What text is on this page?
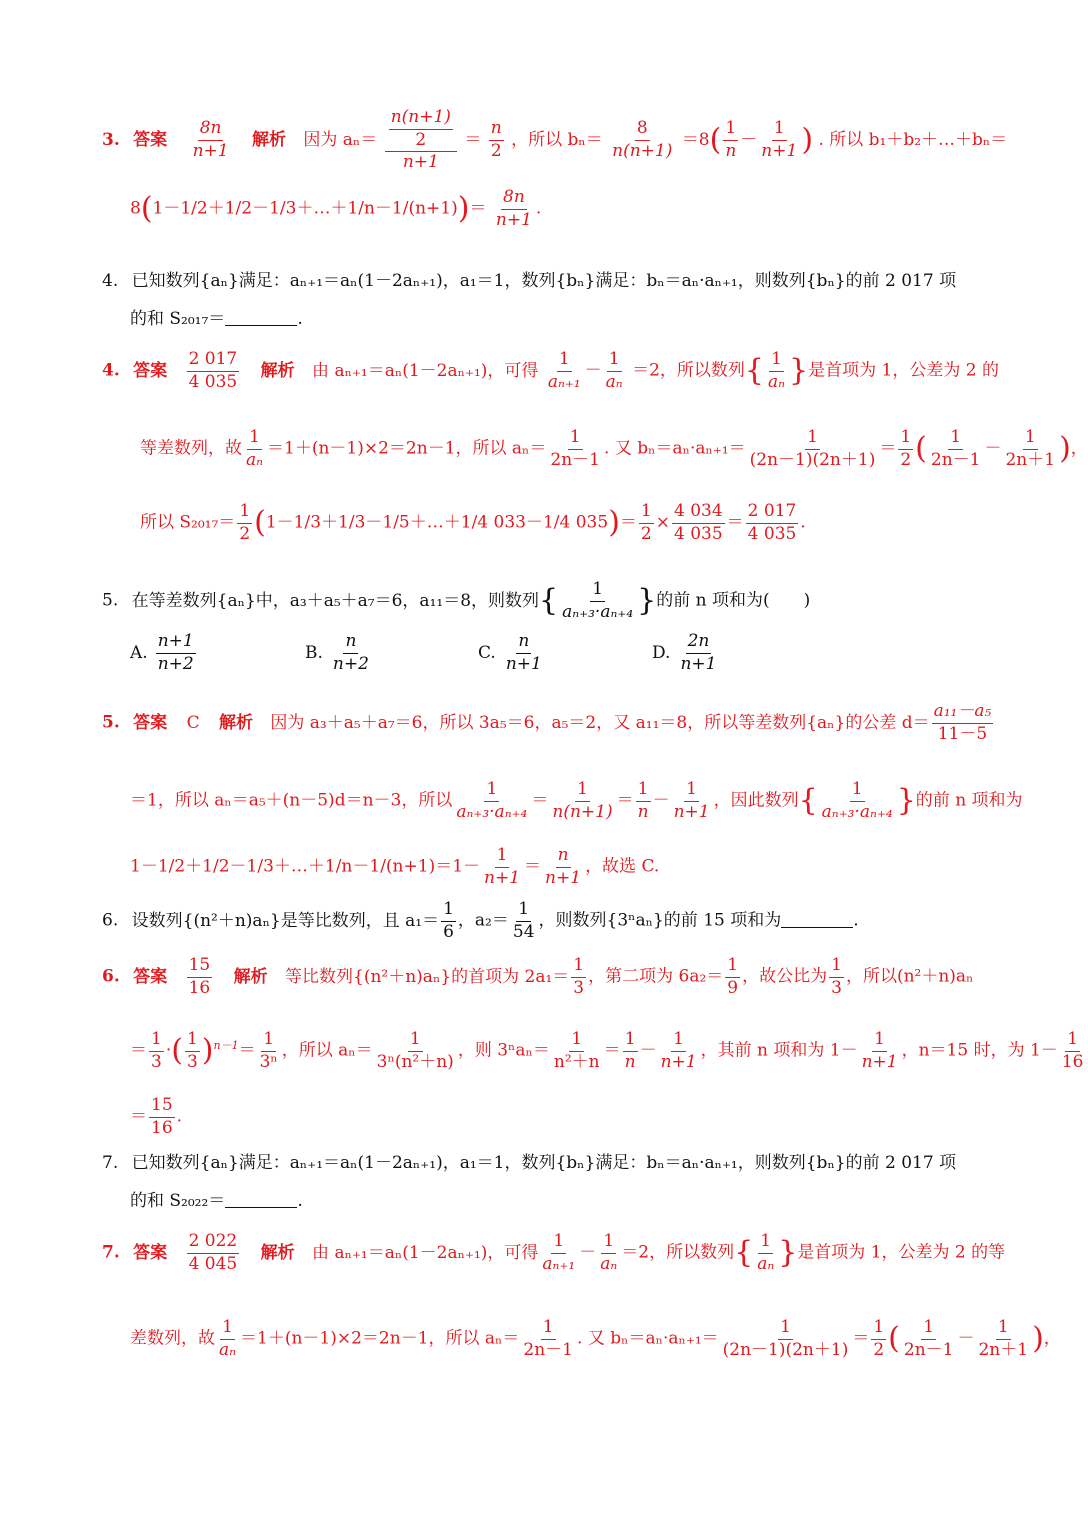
3. 答案 $\frac{8n}{n+1}$ 解析 因为 $a_n= \frac{\frac{n(n+1)}{2}}{n+1} = \frac{n}{2}$ ，所以 $b_n= \frac{8}{n(n+1)} =8( \frac{1}{n} - \frac{1}{n+1}$ ) . 所以 b₁＋b₂＋…＋bₙ＝
8(1－1/2＋1/2－1/3＋…＋1/n－1/(n+1))＝ $\frac{8n}{n+1}$ .
4. 已知数列{aₙ}满足：aₙ₊₁＝aₙ(1－2aₙ₊₁)，a₁＝1，数列{bₙ}满足：bₙ＝aₙ·aₙ₊₁，则数列{bₙ}的前 2 017 项
的和 S₂₀₁₇＝	.
4. 答案 $\frac{2 017}{4 035}$ 解析 由 aₙ₊₁＝aₙ(1－2aₙ₊₁)，可得 $\frac{1}{\text{aₙ₊₁}} - \frac{1}{\text{aₙ}} =2$，所以数列{ $\frac{1}{\text{aₙ}}$ }是首项为 1，公差为 2 的
等差数列，故 $\frac{1}{\text{aₙ}} =1+(n-1)\times 2=2n-1$，所以 $a_n= \frac{1}{2n-1}$ . 又 $b_n=a_n\cdot a_{n+1}= \frac{1}{(2n-1)(2n+1)} = \frac{1}{2}$ ( $\frac{1}{2n-1} - \frac{1}{2n+1}$ )，
所以 $S_{2017}= \frac{1}{2}$ (1－1/3＋1/3－1/5＋…＋1/4 033－1/4 $035)= \frac{1}{2} \times \frac{4 034}{4 035} = \frac{2 017}{4 035}$ .
5. 在等差数列{aₙ}中，a₃＋a₅＋a₇＝6，a₁₁＝8，则数列{ $\frac{1}{\text{aₙ₊₃·aₙ₊₄}}$ }的前 n 项和为(　　)
A. $\frac{n+1}{n+2}$	B. $\frac{n}{n+2}$	C. $\frac{n}{n+1}$	D. $\frac{2n}{n+1}$
5. 答案 C 解析 因为 a₃＋a₅＋a₇＝6，所以 3a₅＝6，a₅＝2，又 a₁₁＝8，所以等差数列{aₙ}的公差 $d= \frac{\text{a₁₁－a₅}}{11-5}$
＝1，所以 aₙ＝a₅＋(n－5)d＝n－3，所以 $\frac{1}{\text{aₙ₊₃·aₙ₊₄}} = \frac{1}{n(n+1)} = \frac{1}{n} - \frac{1}{n+1}$ ，因此数列{ $\frac{1}{\text{aₙ₊₃·aₙ₊₄}}$ }的前 n 项和为
1－1/2＋1/2－1/3＋…＋1/n－1/(n+1)＝1－ $\frac{1}{n+1} = \frac{n}{n+1}$ ，故选 C.
6. 设数列{(n²＋n)aₙ}是等比数列，且 $a_1= \frac{1}{6}$ ，$a_2= \frac{1}{54}$ ，则数列{3ⁿaₙ}的前 15 项和为	.
6. 答案 $\frac{15}{16}$ 解析 等比数列{(n²＋n)aₙ}的首项为 $2a_1= \frac{1}{3}$ ，第二项为 $6a_2= \frac{1}{9}$ ，故公比为 $\frac{1}{3}$ ，所以(n²＋n)aₙ
＝ $\frac{1}{3}$ ·( $\frac{1}{3} )^{n-1}= \frac{1}{\text{3ⁿ}}$ ，所以 $a_n= \frac{1}{\text{3ⁿ(n²＋n)}}$ ，则 $3^na_n= \frac{1}{\text{n²＋n}} = \frac{1}{n} - \frac{1}{n+1}$ ，其前 n 项和为 $1- \frac{1}{n+1}$ ，n＝15 时，为 $1- \frac{1}{16}$
＝ $\frac{15}{16}$ .
7. 已知数列{aₙ}满足：aₙ₊₁＝aₙ(1－2aₙ₊₁)，a₁＝1，数列{bₙ}满足：bₙ＝aₙ·aₙ₊₁，则数列{bₙ}的前 2 017 项
的和 S₂₀₂₂＝	.
7. 答案 $\frac{2 022}{4 045}$ 解析 由 aₙ₊₁＝aₙ(1－2aₙ₊₁)，可得 $\frac{1}{\text{aₙ₊₁}} - \frac{1}{\text{aₙ}} =2$，所以数列{ $\frac{1}{\text{aₙ}}$ }是首项为 1，公差为 2 的等
差数列，故 $\frac{1}{\text{aₙ}} =1+(n-1)\times 2=2n-1$，所以 $a_n= \frac{1}{2n-1}$ . 又 $b_n=a_n\cdot a_{n+1}= \frac{1}{(2n-1)(2n+1)} = \frac{1}{2}$ ( $\frac{1}{2n-1} - \frac{1}{2n+1}$ )，
